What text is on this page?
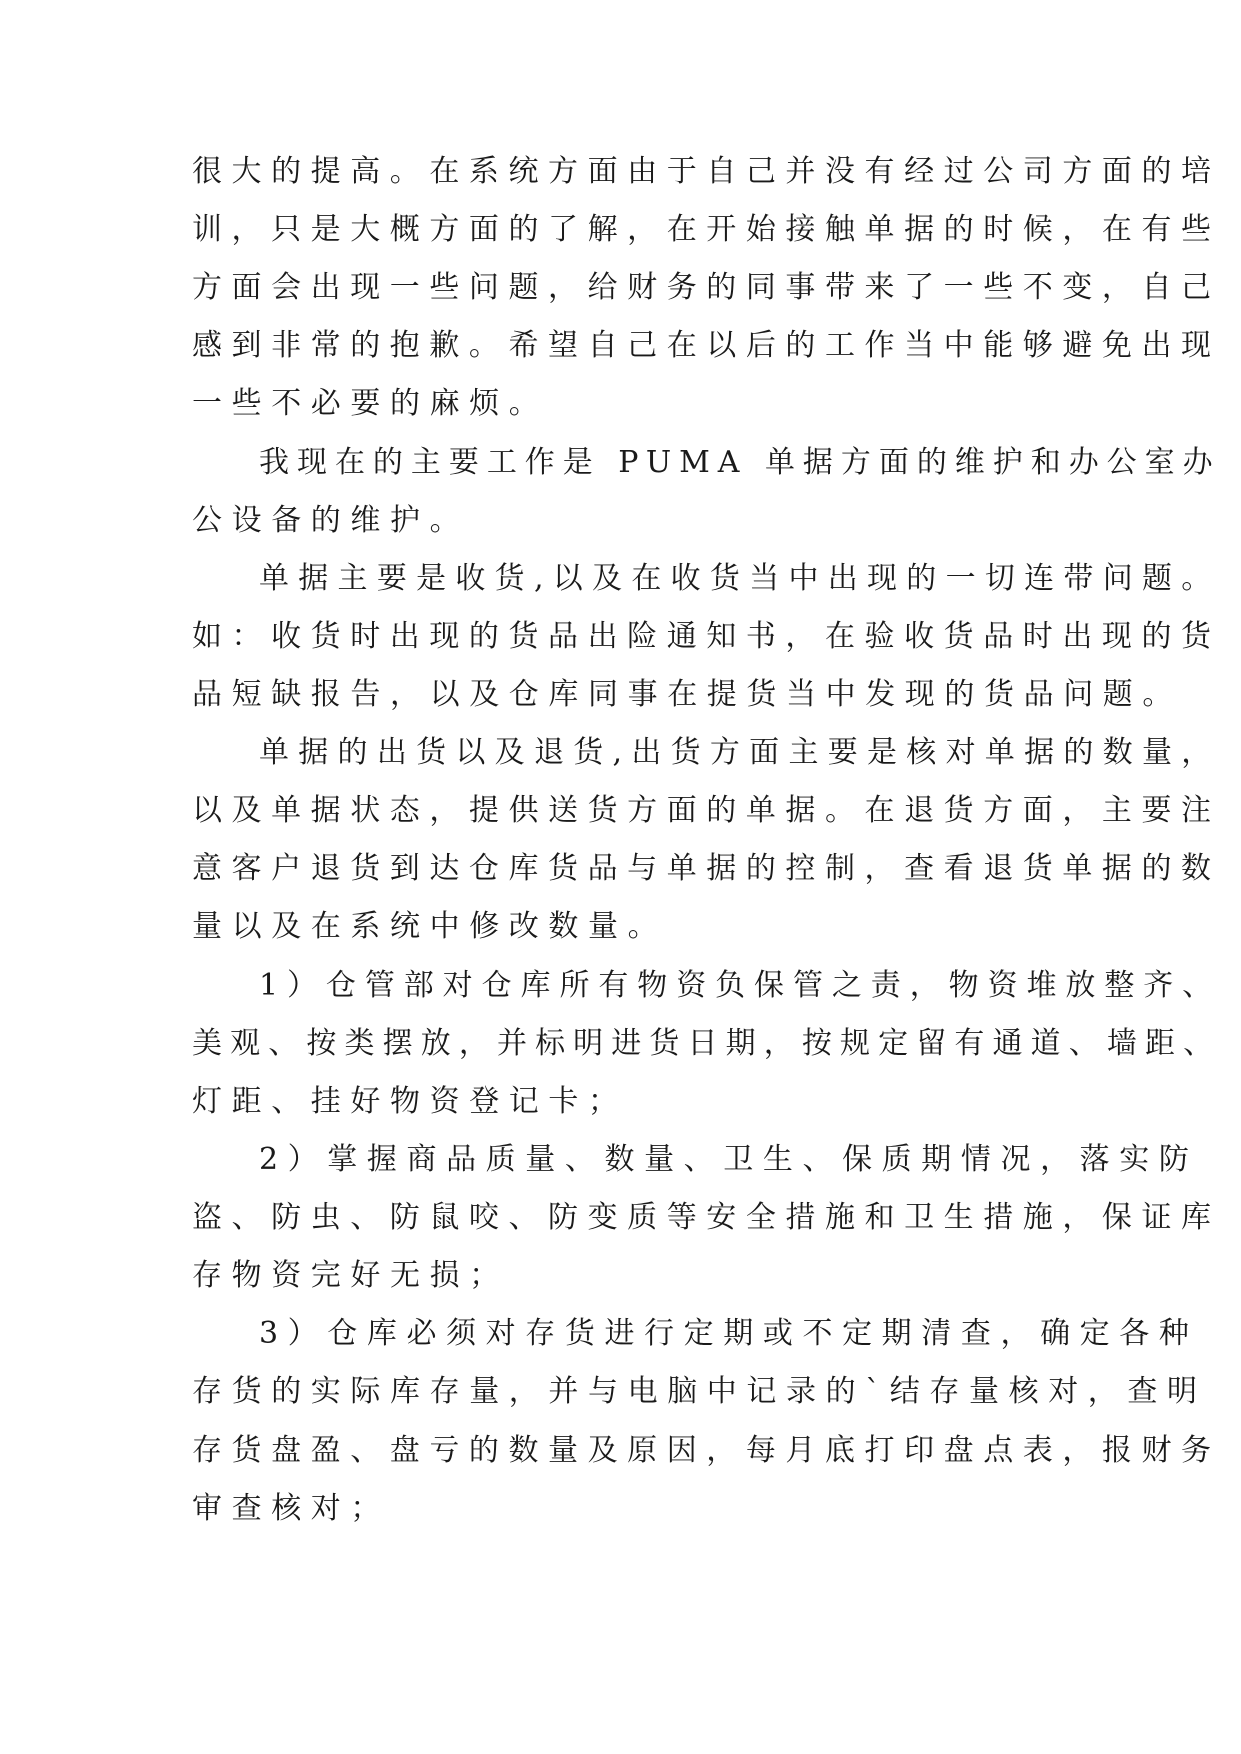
很大的提高。在系统方面由于自己并没有经过公司方面的培
训，只是大概方面的了解，在开始接触单据的时候，在有些
方面会出现一些问题，给财务的同事带来了一些不变，自己
感到非常的抱歉。希望自己在以后的工作当中能够避免出现
一些不必要的麻烦。
我现在的主要工作是 PUMA 单据方面的维护和办公室办
公设备的维护。
单据主要是收货,以及在收货当中出现的一切连带问题。
如：收货时出现的货品出险通知书，在验收货品时出现的货
品短缺报告，以及仓库同事在提货当中发现的货品问题。
单据的出货以及退货,出货方面主要是核对单据的数量，
以及单据状态，提供送货方面的单据。在退货方面，主要注
意客户退货到达仓库货品与单据的控制，查看退货单据的数
量以及在系统中修改数量。
1）仓管部对仓库所有物资负保管之责，物资堆放整齐、
美观、按类摆放，并标明进货日期，按规定留有通道、墙距、
灯距、挂好物资登记卡；
2）掌握商品质量、数量、卫生、保质期情况，落实防
盗、防虫、防鼠咬、防变质等安全措施和卫生措施，保证库
存物资完好无损；
3）仓库必须对存货进行定期或不定期清查，确定各种
存货的实际库存量，并与电脑中记录的`结存量核对，查明
存货盘盈、盘亏的数量及原因，每月底打印盘点表，报财务
审查核对；
